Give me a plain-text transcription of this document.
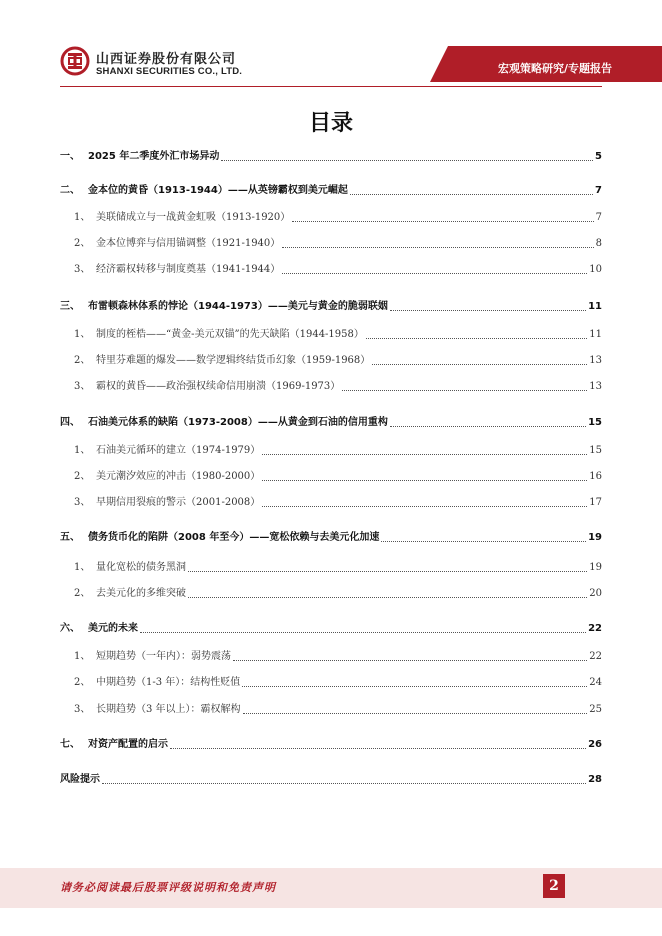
山西证券股份有限公司
SHANXI SECURITIES CO., LTD.	宏观策略研究/专题报告
目录
一、 2025 年二季度外汇市场异动	5
二、 金本位的黄昏（1913-1944）——从英镑霸权到美元崛起	7
1、 美联储成立与一战黄金虹吸（1913-1920）	7
2、 金本位博弈与信用锚调整（1921-1940）	8
3、 经济霸权转移与制度奠基（1941-1944）	10
三、 布雷顿森林体系的悖论（1944-1973）——美元与黄金的脆弱联姻	11
1、 制度的桎梏——“黄金-美元双锚”的先天缺陷（1944-1958）	11
2、 特里芬难题的爆发——数学逻辑终结货币幻象（1959-1968）	13
3、 霸权的黄昏——政治强权续命信用崩溃（1969-1973）	13
四、 石油美元体系的缺陷（1973-2008）——从黄金到石油的信用重构	15
1、 石油美元循环的建立（1974-1979）	15
2、 美元潮汐效应的冲击（1980-2000）	16
3、 早期信用裂痕的警示（2001-2008）	17
五、 债务货币化的陷阱（2008 年至今）——宽松依赖与去美元化加速	19
1、 量化宽松的债务黑洞	19
2、 去美元化的多维突破	20
六、 美元的未来	22
1、 短期趋势（一年内）：弱势震荡	22
2、 中期趋势（1-3 年）：结构性贬值	24
3、 长期趋势（3 年以上）：霸权解构	25
七、 对资产配置的启示	26
风险提示	28
请务必阅读最后股票评级说明和免责声明	2
